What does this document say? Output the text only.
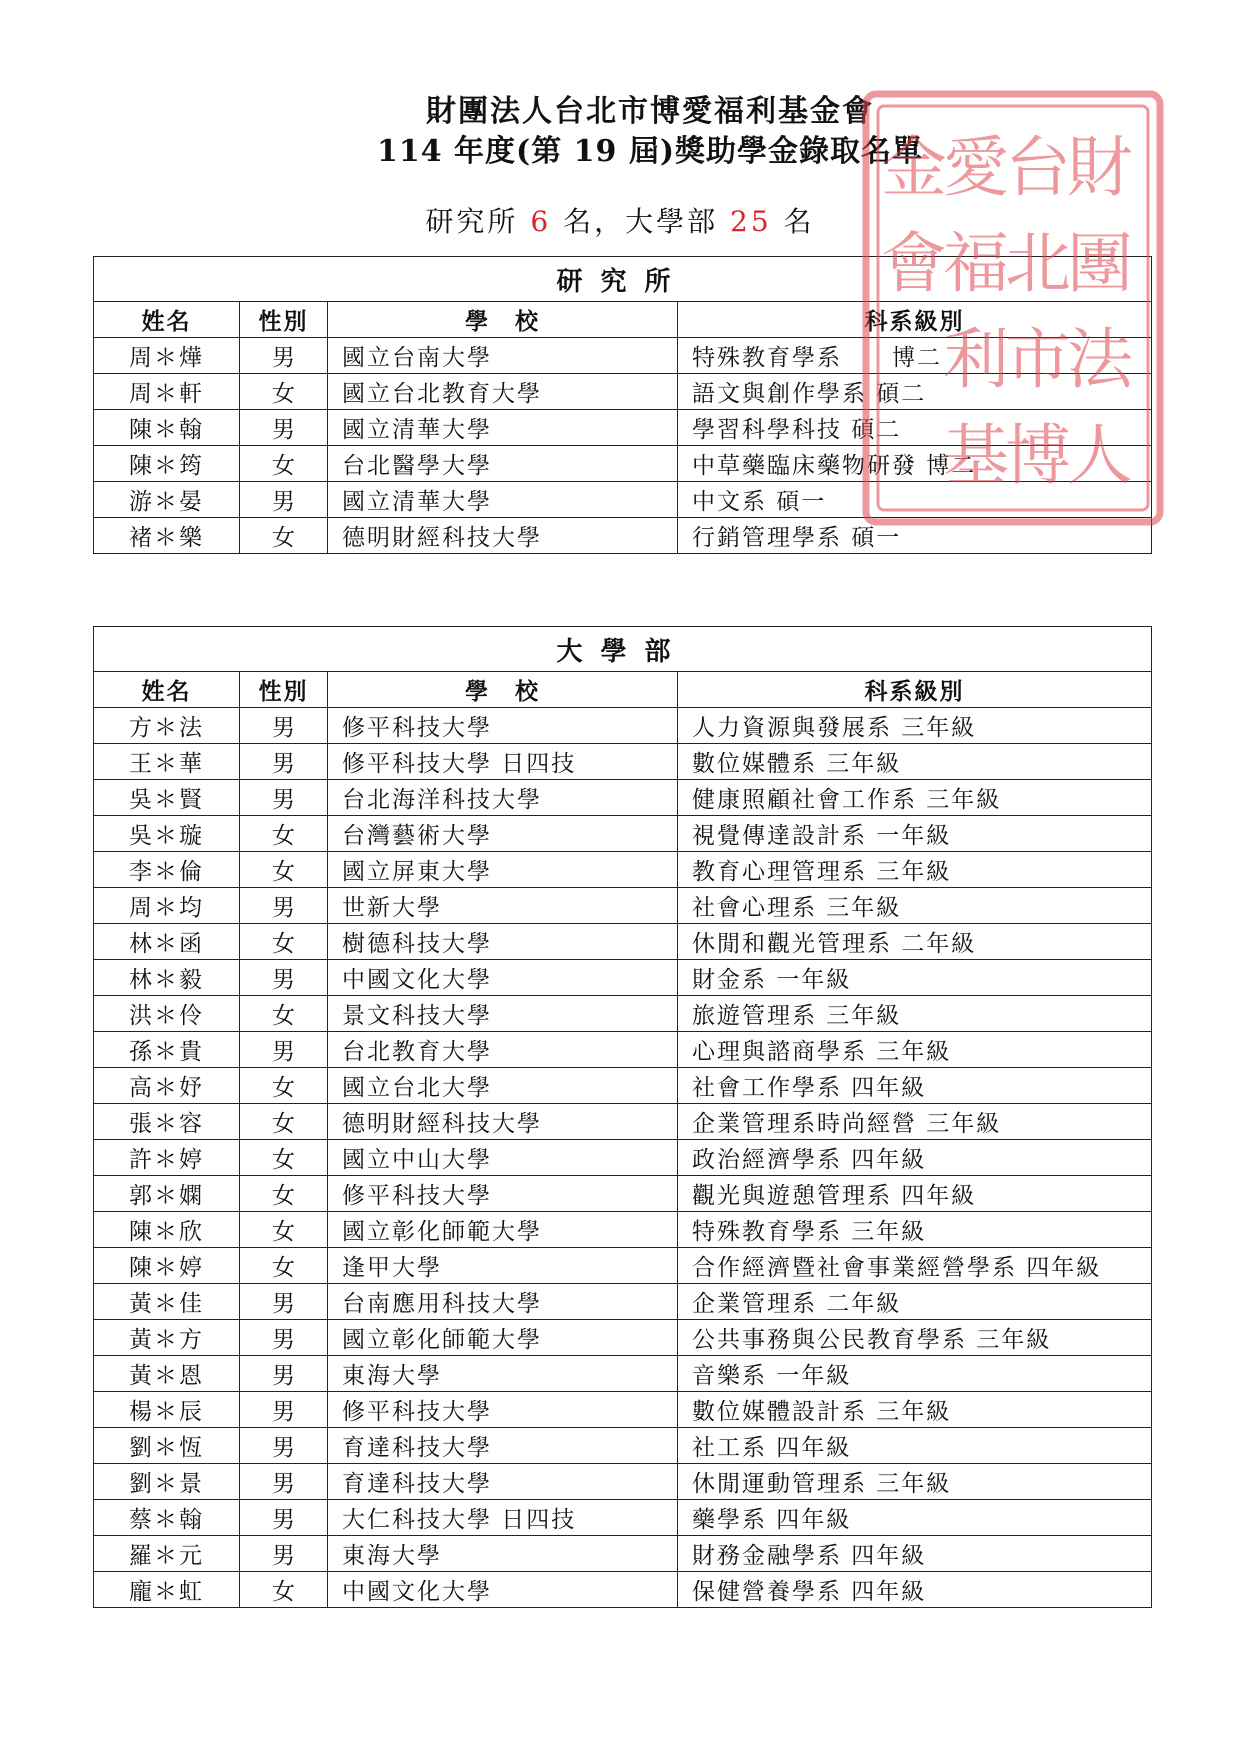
財團法人台北市博愛福利基金會
114 年度(第 19 屆)獎助學金錄取名單
研究所 6 名，大學部 25 名
研究所			
姓名	性別	學　校	科系級別
周＊燁	男	國立台南大學	特殊教育學系　　博二
周＊軒	女	國立台北教育大學	語文與創作學系 碩二
陳＊翰	男	國立清華大學	學習科學科技 碩二
陳＊筠	女	台北醫學大學	中草藥臨床藥物研發 博二
游＊晏	男	國立清華大學	中文系 碩一
褚＊樂	女	德明財經科技大學	行銷管理學系 碩一
大學部			
姓名	性別	學　校	科系級別
方＊法	男	修平科技大學	人力資源與發展系 三年級
王＊華	男	修平科技大學 日四技	數位媒體系 三年級
吳＊賢	男	台北海洋科技大學	健康照顧社會工作系 三年級
吳＊璇	女	台灣藝術大學	視覺傳達設計系 一年級
李＊倫	女	國立屏東大學	教育心理管理系 三年級
周＊均	男	世新大學	社會心理系 三年級
林＊函	女	樹德科技大學	休閒和觀光管理系 二年級
林＊毅	男	中國文化大學	財金系 一年級
洪＊伶	女	景文科技大學	旅遊管理系 三年級
孫＊貴	男	台北教育大學	心理與諮商學系 三年級
高＊妤	女	國立台北大學	社會工作學系 四年級
張＊容	女	德明財經科技大學	企業管理系時尚經營 三年級
許＊婷	女	國立中山大學	政治經濟學系 四年級
郭＊嫻	女	修平科技大學	觀光與遊憩管理系 四年級
陳＊欣	女	國立彰化師範大學	特殊教育學系 三年級
陳＊婷	女	逢甲大學	合作經濟暨社會事業經營學系 四年級
黃＊佳	男	台南應用科技大學	企業管理系 二年級
黃＊方	男	國立彰化師範大學	公共事務與公民教育學系 三年級
黃＊恩	男	東海大學	音樂系 一年級
楊＊辰	男	修平科技大學	數位媒體設計系 三年級
劉＊恆	男	育達科技大學	社工系 四年級
劉＊景	男	育達科技大學	休閒運動管理系 三年級
蔡＊翰	男	大仁科技大學 日四技	藥學系 四年級
羅＊元	男	東海大學	財務金融學系 四年級
龐＊虹	女	中國文化大學	保健營養學系 四年級
財
團
法
人
台
北
市
博
愛
福
利
基
金
會
